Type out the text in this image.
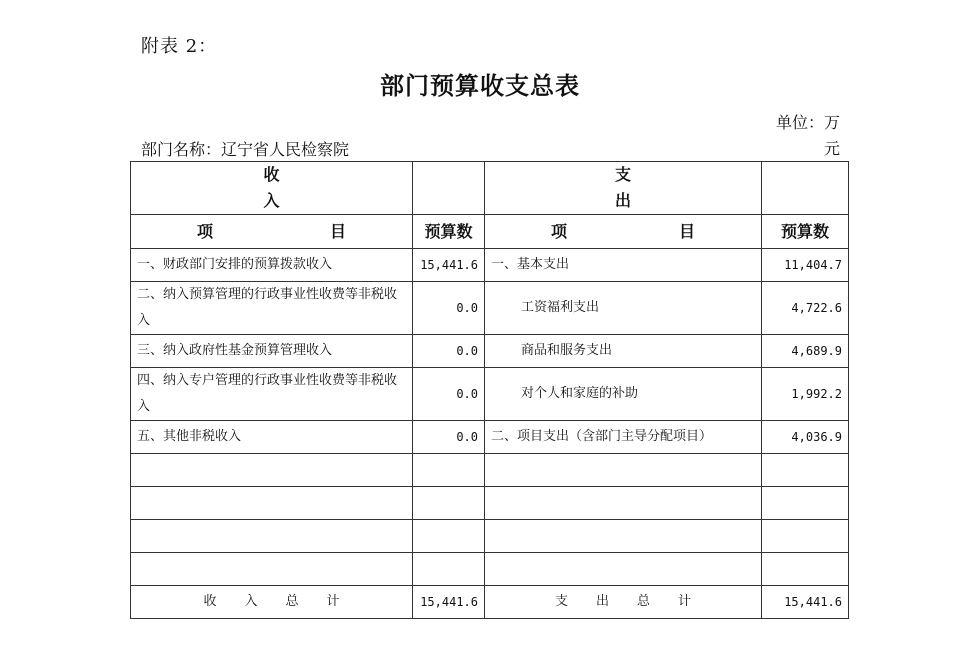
附表 2：
部门预算收支总表
单位：万元
部门名称：辽宁省人民检察院
收
入		支
出	

项 目	预算数	项 目	预算数
一、财政部门安排的预算拨款收入	15,441.6	一、基本支出	11,404.7
二、纳入预算管理的行政事业性收费等非税收入	0.0	工资福利支出	4,722.6
三、纳入政府性基金预算管理收入	0.0	商品和服务支出	4,689.9
四、纳入专户管理的行政事业性收费等非税收入	0.0	对个人和家庭的补助	1,992.2
五、其他非税收入	0.0	二、项目支出（含部门主导分配项目）	4,036.9

收 入 总 计	15,441.6	支 出 总 计	15,441.6
